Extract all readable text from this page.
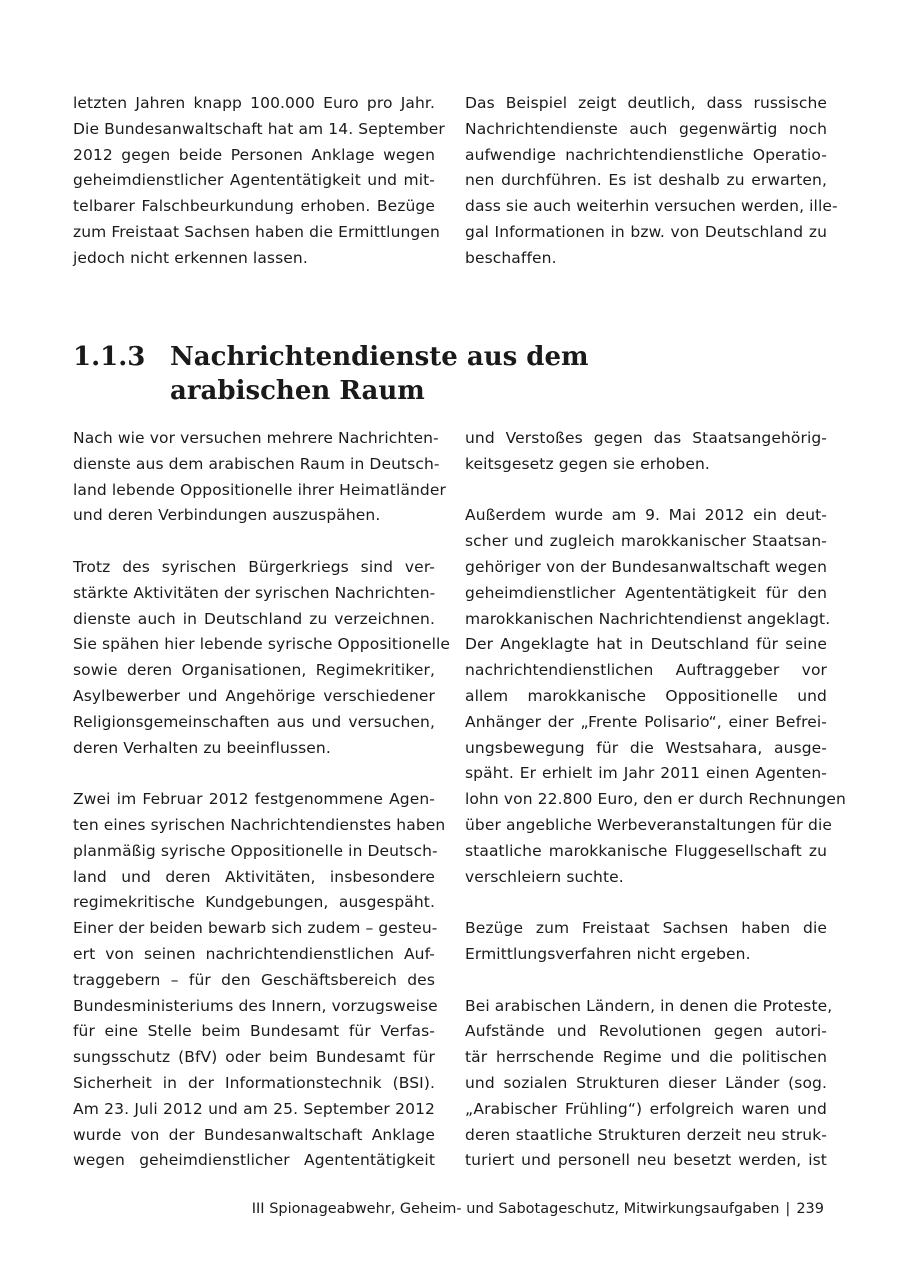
letzten Jahren knapp 100.000 Euro pro Jahr.
Die Bundesanwaltschaft hat am 14. September
2012 gegen beide Personen Anklage wegen
geheimdienstlicher Agententätigkeit und mit-
telbarer Falschbeurkundung erhoben. Bezüge
zum Freistaat Sachsen haben die Ermittlungen
jedoch nicht erkennen lassen.

Das Beispiel zeigt deutlich, dass russische
Nachrichtendienste auch gegenwärtig noch
aufwendige nachrichtendienstliche Operatio-
nen durchführen. Es ist deshalb zu erwarten,
dass sie auch weiterhin versuchen werden, ille-
gal Informationen in bzw. von Deutschland zu
beschaffen.

1.1.3 Nachrichtendienste aus dem
arabischen Raum

Nach wie vor versuchen mehrere Nachrichten-
dienste aus dem arabischen Raum in Deutsch-
land lebende Oppositionelle ihrer Heimatländer
und deren Verbindungen auszuspähen.

Trotz des syrischen Bürgerkriegs sind ver-
stärkte Aktivitäten der syrischen Nachrichten-
dienste auch in Deutschland zu verzeichnen.
Sie spähen hier lebende syrische Oppositionelle
sowie deren Organisationen, Regimekritiker,
Asylbewerber und Angehörige verschiedener
Religionsgemeinschaften aus und versuchen,
deren Verhalten zu beeinflussen.

Zwei im Februar 2012 festgenommene Agen-
ten eines syrischen Nachrichtendienstes haben
planmäßig syrische Oppositionelle in Deutsch-
land und deren Aktivitäten, insbesondere
regimekritische Kundgebungen, ausgespäht.
Einer der beiden bewarb sich zudem – gesteu-
ert von seinen nachrichtendienstlichen Auf-
traggebern – für den Geschäftsbereich des
Bundesministeriums des Innern, vorzugsweise
für eine Stelle beim Bundesamt für Verfas-
sungsschutz (BfV) oder beim Bundesamt für
Sicherheit in der Informationstechnik (BSI).
Am 23. Juli 2012 und am 25. September 2012
wurde von der Bundesanwaltschaft Anklage
wegen geheimdienstlicher Agententätigkeit

und Verstoßes gegen das Staatsangehörig-
keitsgesetz gegen sie erhoben.

Außerdem wurde am 9. Mai 2012 ein deut-
scher und zugleich marokkanischer Staatsan-
gehöriger von der Bundesanwaltschaft wegen
geheimdienstlicher Agententätigkeit für den
marokkanischen Nachrichtendienst angeklagt.
Der Angeklagte hat in Deutschland für seine
nachrichtendienstlichen Auftraggeber vor
allem marokkanische Oppositionelle und
Anhänger der „Frente Polisario“, einer Befrei-
ungsbewegung für die Westsahara, ausge-
späht. Er erhielt im Jahr 2011 einen Agenten-
lohn von 22.800 Euro, den er durch Rechnungen
über angebliche Werbeveranstaltungen für die
staatliche marokkanische Fluggesellschaft zu
verschleiern suchte.

Bezüge zum Freistaat Sachsen haben die
Ermittlungsverfahren nicht ergeben.

Bei arabischen Ländern, in denen die Proteste,
Aufstände und Revolutionen gegen autori-
tär herrschende Regime und die politischen
und sozialen Strukturen dieser Länder (sog.
„Arabischer Frühling“) erfolgreich waren und
deren staatliche Strukturen derzeit neu struk-
turiert und personell neu besetzt werden, ist

III Spionageabwehr, Geheim- und Sabotageschutz, Mitwirkungsaufgaben | 239
